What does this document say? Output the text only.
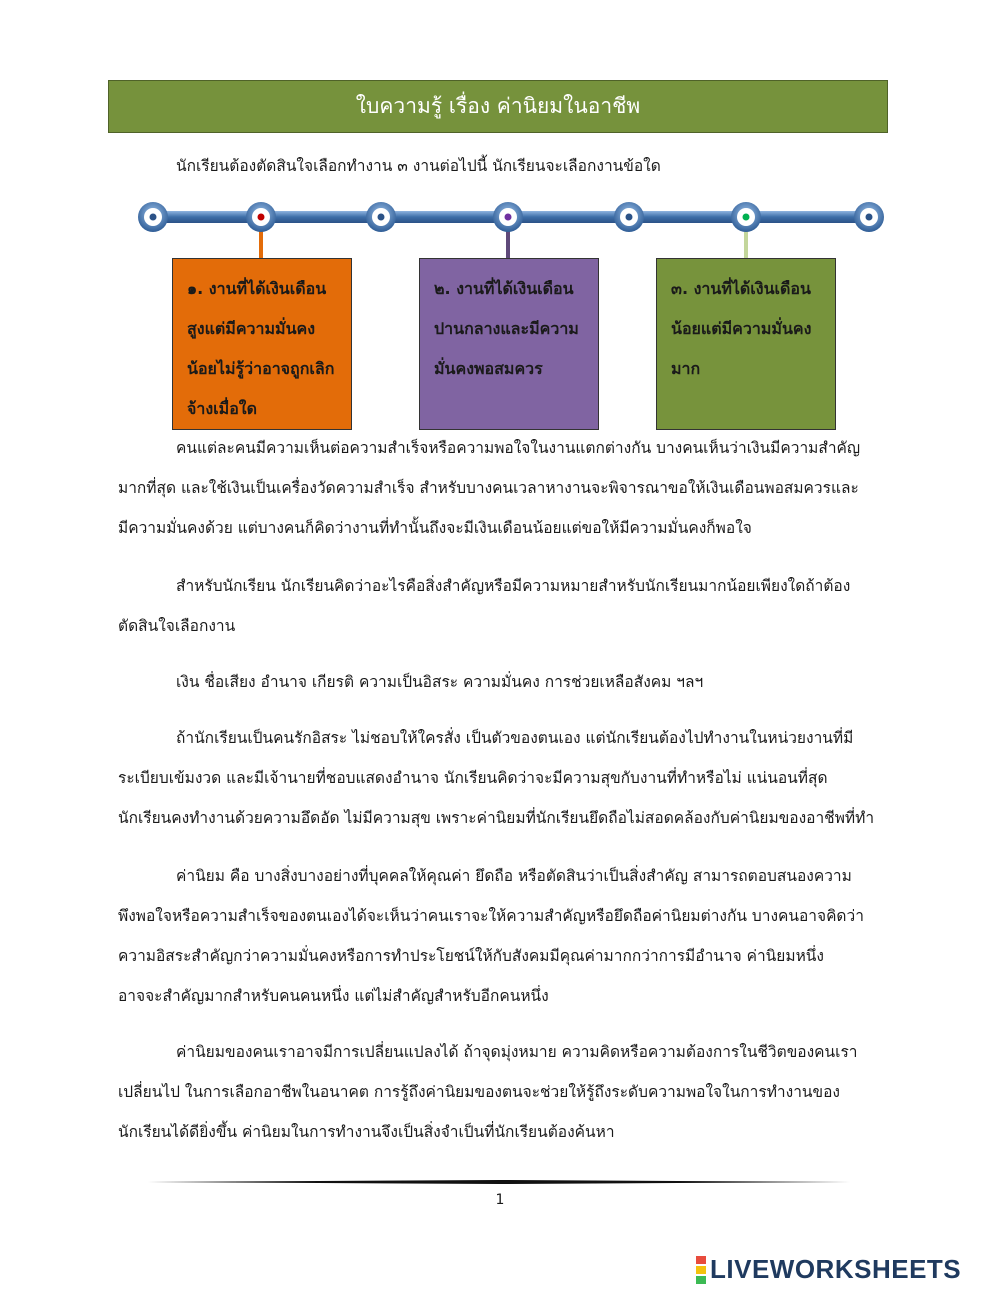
ใบความรู้ เรื่อง ค่านิยมในอาชีพ
นักเรียนต้องตัดสินใจเลือกทำงาน ๓ งานต่อไปนี้ นักเรียนจะเลือกงานข้อใด
๑. งานที่ได้เงินเดือน
สูงแต่มีความมั่นคง
น้อยไม่รู้ว่าอาจถูกเลิก
จ้างเมื่อใด
๒. งานที่ได้เงินเดือน
ปานกลางและมีความ
มั่นคงพอสมควร
๓. งานที่ได้เงินเดือน
น้อยแต่มีความมั่นคง
มาก
คนแต่ละคนมีความเห็นต่อความสำเร็จหรือความพอใจในงานแตกต่างกัน บางคนเห็นว่าเงินมีความสำคัญ
มากที่สุด และใช้เงินเป็นเครื่องวัดความสำเร็จ สำหรับบางคนเวลาหางานจะพิจารณาขอให้เงินเดือนพอสมควรและ
มีความมั่นคงด้วย แต่บางคนก็คิดว่างานที่ทำนั้นถึงจะมีเงินเดือนน้อยแต่ขอให้มีความมั่นคงก็พอใจ
สำหรับนักเรียน นักเรียนคิดว่าอะไรคือสิ่งสำคัญหรือมีความหมายสำหรับนักเรียนมากน้อยเพียงใดถ้าต้อง
ตัดสินใจเลือกงาน
เงิน ชื่อเสียง อำนาจ เกียรติ ความเป็นอิสระ ความมั่นคง การช่วยเหลือสังคม ฯลฯ
ถ้านักเรียนเป็นคนรักอิสระ ไม่ชอบให้ใครสั่ง เป็นตัวของตนเอง แต่นักเรียนต้องไปทำงานในหน่วยงานที่มี
ระเบียบเข้มงวด และมีเจ้านายที่ชอบแสดงอำนาจ นักเรียนคิดว่าจะมีความสุขกับงานที่ทำหรือไม่ แน่นอนที่สุด
นักเรียนคงทำงานด้วยความอึดอัด ไม่มีความสุข เพราะค่านิยมที่นักเรียนยึดถือไม่สอดคล้องกับค่านิยมของอาชีพที่ทำ
ค่านิยม คือ บางสิ่งบางอย่างที่บุคคลให้คุณค่า ยึดถือ หรือตัดสินว่าเป็นสิ่งสำคัญ สามารถตอบสนองความ
พึงพอใจหรือความสำเร็จของตนเองได้จะเห็นว่าคนเราจะให้ความสำคัญหรือยึดถือค่านิยมต่างกัน บางคนอาจคิดว่า
ความอิสระสำคัญกว่าความมั่นคงหรือการทำประโยชน์ให้กับสังคมมีคุณค่ามากกว่าการมีอำนาจ ค่านิยมหนึ่ง
อาจจะสำคัญมากสำหรับคนคนหนึ่ง แต่ไม่สำคัญสำหรับอีกคนหนึ่ง
ค่านิยมของคนเราอาจมีการเปลี่ยนแปลงได้ ถ้าจุดมุ่งหมาย ความคิดหรือความต้องการในชีวิตของคนเรา
เปลี่ยนไป ในการเลือกอาชีพในอนาคต การรู้ถึงค่านิยมของตนจะช่วยให้รู้ถึงระดับความพอใจในการทำงานของ
นักเรียนได้ดียิ่งขึ้น ค่านิยมในการทำงานจึงเป็นสิ่งจำเป็นที่นักเรียนต้องค้นหา
1
LIVEWORKSHEETS
